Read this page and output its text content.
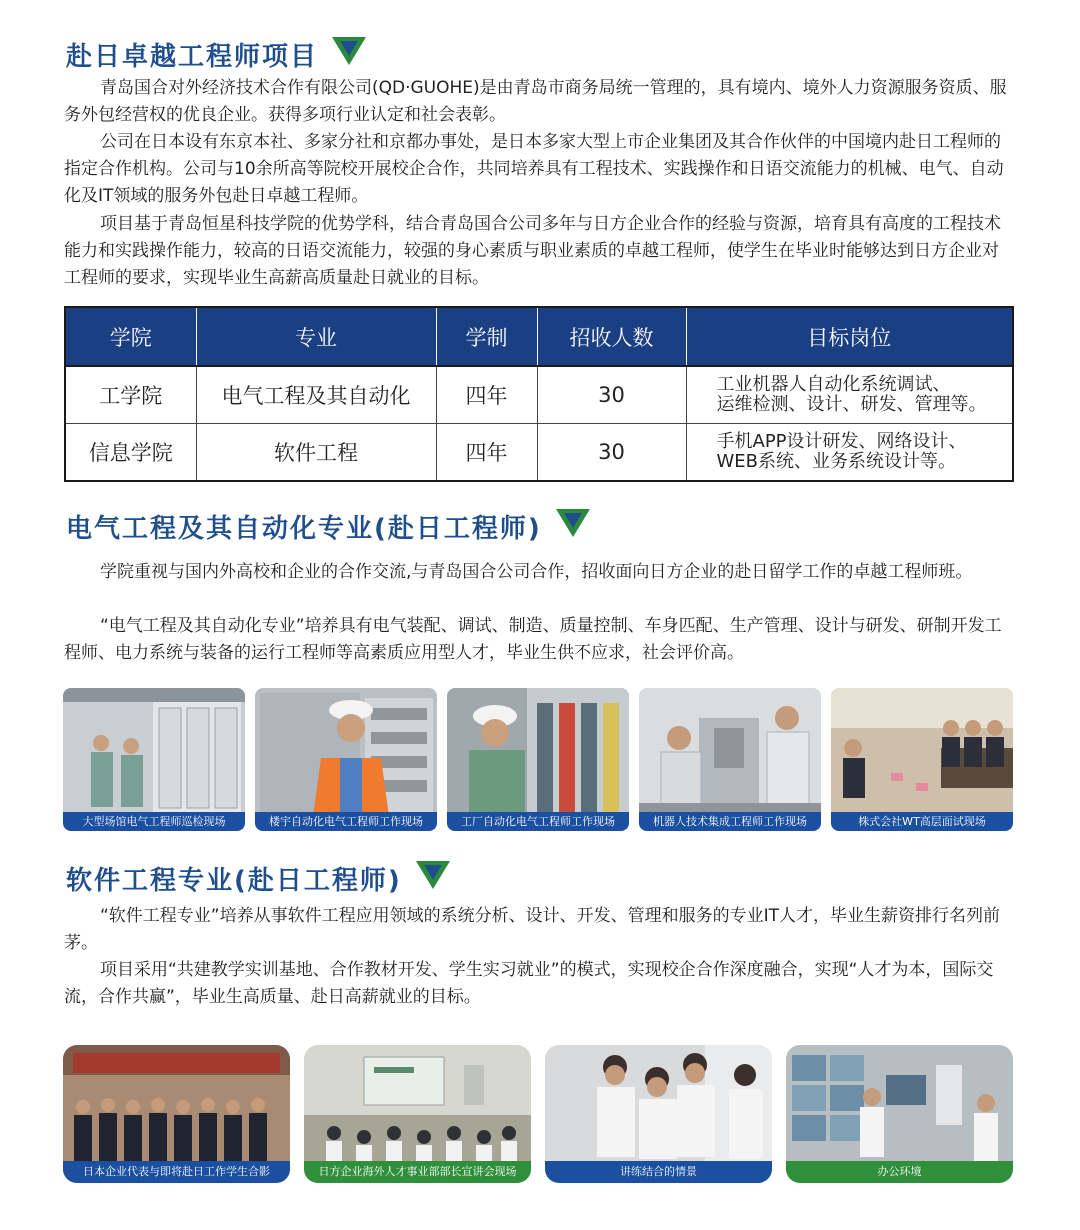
赴日卓越工程师项目

青岛国合对外经济技术合作有限公司(QD·GUOHE)是由青岛市商务局统一管理的，具有境内、境外人力资源服务资质、服务外包经营权的优良企业。获得多项行业认定和社会表彰。

公司在日本设有东京本社、多家分社和京都办事处，是日本多家大型上市企业集团及其合作伙伴的中国境内赴日工程师的指定合作机构。公司与10余所高等院校开展校企合作，共同培养具有工程技术、实践操作和日语交流能力的机械、电气、自动化及IT领域的服务外包赴日卓越工程师。

项目基于青岛恒星科技学院的优势学科，结合青岛国合公司多年与日方企业合作的经验与资源，培育具有高度的工程技术能力和实践操作能力，较高的日语交流能力，较强的身心素质与职业素质的卓越工程师，使学生在毕业时能够达到日方企业对工程师的要求，实现毕业生高薪高质量赴日就业的目标。

学院	专业	学制	招收人数	目标岗位
工学院	电气工程及其自动化	四年	30	工业机器人自动化系统调试、
运维检测、设计、研发、管理等。

信息学院	软件工程	四年	30	手机APP设计研发、网络设计、
WEB系统、业务系统设计等。
电气工程及其自动化专业(赴日工程师)

学院重视与国内外高校和企业的合作交流,与青岛国合公司合作，招收面向日方企业的赴日留学工作的卓越工程师班。

“电气工程及其自动化专业”培养具有电气装配、调试、制造、质量控制、车身匹配、生产管理、设计与研发、研制开发工程师、电力系统与装备的运行工程师等高素质应用型人才，毕业生供不应求，社会评价高。

大型场馆电气工程师巡检现场	楼宇自动化电气工程师工作现场	工厂自动化电气工程师工作现场	机器人技术集成工程师工作现场	株式会社WT高层面试现场
软件工程专业(赴日工程师)

“软件工程专业”培养从事软件工程应用领域的系统分析、设计、开发、管理和服务的专业IT人才，毕业生薪资排行名列前茅。

项目采用“共建教学实训基地、合作教材开发、学生实习就业”的模式，实现校企合作深度融合，实现“人才为本，国际交流，合作共赢”，毕业生高质量、赴日高薪就业的目标。

日本企业代表与即将赴日工作学生合影	日方企业海外人才事业部部长宣讲会现场	讲练结合的情景	办公环境
